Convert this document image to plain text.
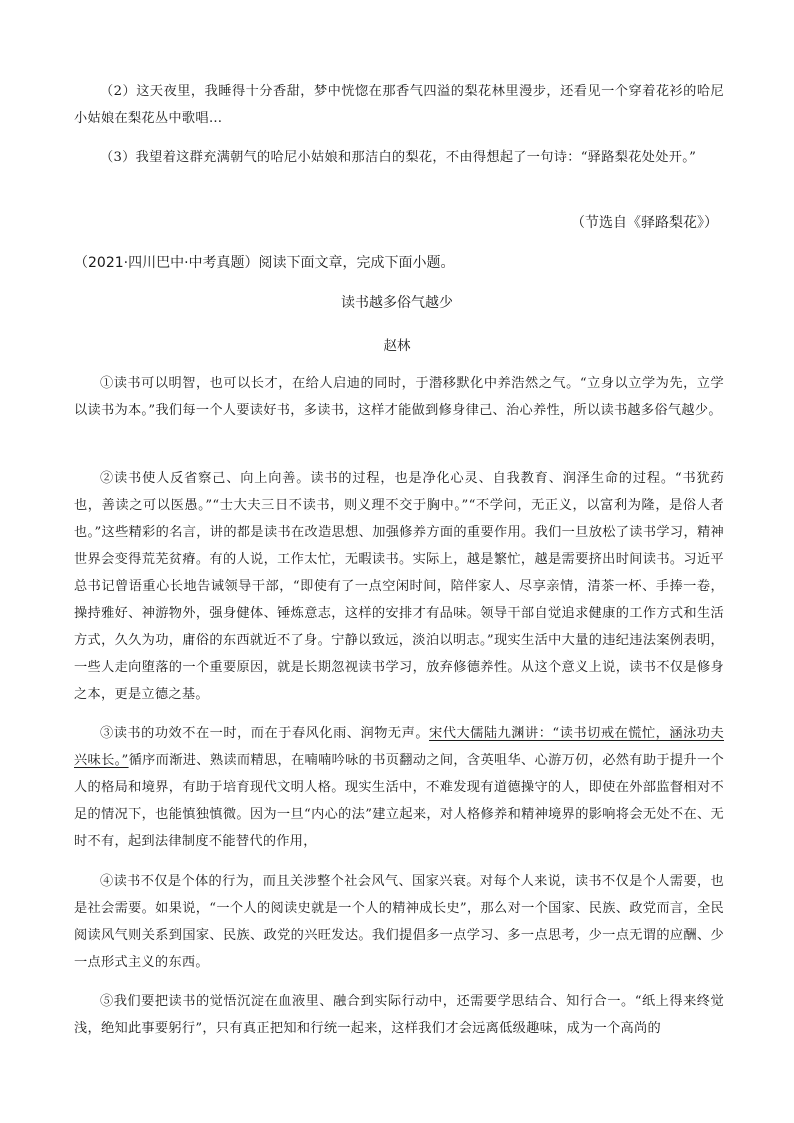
（2）这天夜里，我睡得十分香甜，梦中恍惚在那香气四溢的梨花林里漫步，还看见一个穿着花衫的哈尼小姑娘在梨花丛中歌唱…

（3）我望着这群充满朝气的哈尼小姑娘和那洁白的梨花，不由得想起了一句诗：“驿路梨花处处开。”

（节选自《驿路梨花》）
（2021·四川巴中·中考真题）阅读下面文章，完成下面小题。
读书越多俗气越少
赵林

①读书可以明智，也可以长才，在给人启迪的同时，于潜移默化中养浩然之气。“立身以立学为先，立学以读书为本。”我们每一个人要读好书，多读书，这样才能做到修身律己、治心养性，所以读书越多俗气越少。

②读书使人反省察己、向上向善。读书的过程，也是净化心灵、自我教育、润泽生命的过程。“书犹药也，善读之可以医愚。”“士大夫三日不读书，则义理不交于胸中。”“不学问，无正义，以富利为隆，是俗人者也。”这些精彩的名言，讲的都是读书在改造思想、加强修养方面的重要作用。我们一旦放松了读书学习，精神世界会变得荒芜贫瘠。有的人说，工作太忙，无暇读书。实际上，越是繁忙，越是需要挤出时间读书。习近平总书记曾语重心长地告诫领导干部，“即使有了一点空闲时间，陪伴家人、尽享亲情，清茶一杯、手捧一卷，操持雅好、神游物外，强身健体、锤炼意志，这样的安排才有品味。领导干部自觉追求健康的工作方式和生活方式，久久为功，庸俗的东西就近不了身。宁静以致远，淡泊以明志。”现实生活中大量的违纪违法案例表明，一些人走向堕落的一个重要原因，就是长期忽视读书学习，放弃修德养性。从这个意义上说，读书不仅是修身之本，更是立德之基。

③读书的功效不在一时，而在于春风化雨、润物无声。宋代大儒陆九渊讲：“读书切戒在慌忙，涵泳功夫兴味长。”循序而渐进、熟读而精思，在喃喃吟咏的书页翻动之间，含英咀华、心游万仞，必然有助于提升一个人的格局和境界，有助于培育现代文明人格。现实生活中，不难发现有道德操守的人，即使在外部监督相对不足的情况下，也能慎独慎微。因为一旦“内心的法”建立起来，对人格修养和精神境界的影响将会无处不在、无时不有，起到法律制度不能替代的作用，

④读书不仅是个体的行为，而且关涉整个社会风气、国家兴衰。对每个人来说，读书不仅是个人需要，也是社会需要。如果说，“一个人的阅读史就是一个人的精神成长史”，那么对一个国家、民族、政党而言，全民阅读风气则关系到国家、民族、政党的兴旺发达。我们提倡多一点学习、多一点思考，少一点无谓的应酬、少一点形式主义的东西。

⑤我们要把读书的觉悟沉淀在血液里、融合到实际行动中，还需要学思结合、知行合一。“纸上得来终觉浅，绝知此事要躬行”，只有真正把知和行统一起来，这样我们才会远离低级趣味，成为一个高尚的
